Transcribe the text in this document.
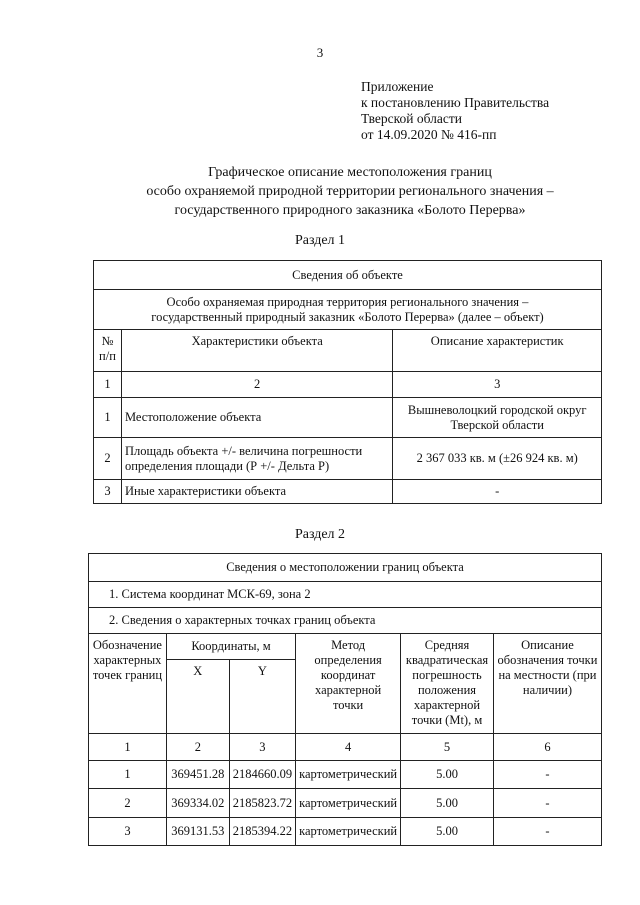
3
Приложение
к постановлению Правительства
Тверской области
от 14.09.2020 № 416-пп
Графическое описание местоположения границ
особо охраняемой природной территории регионального значения –
государственного природного заказника «Болото Перерва»
Раздел 1
Сведения об объекте		

Особо охраняемая природная территория регионального значения –
государственный природный заказник «Болото Перерва» (далее – объект)		

№ п/п	Характеристики объекта	Описание характеристик
1	2	3
1	Местоположение объекта	Вышневолоцкий городской округ Тверской области
2	Площадь объекта +/- величина погрешности определения площади (Р +/- Дельта Р)	2 367 033 кв. м (±26 924 кв. м)
3	Иные характеристики объекта	-
Раздел 2
Сведения о местоположении границ объекта					
1. Система координат МСК-69, зона 2					
2. Сведения о характерных точках границ объекта					
Обозначение характерных точек границ	Координаты, м		Метод определения координат характерной точки	Средняя квадратическая погрешность положения характерной точки (Mt), м	Описание обозначения точки на местности (при наличии)
	X	Y			
1	2	3	4	5	6
1	369451.28	2184660.09	картометрический	5.00	-
2	369334.02	2185823.72	картометрический	5.00	-
3	369131.53	2185394.22	картометрический	5.00	-
